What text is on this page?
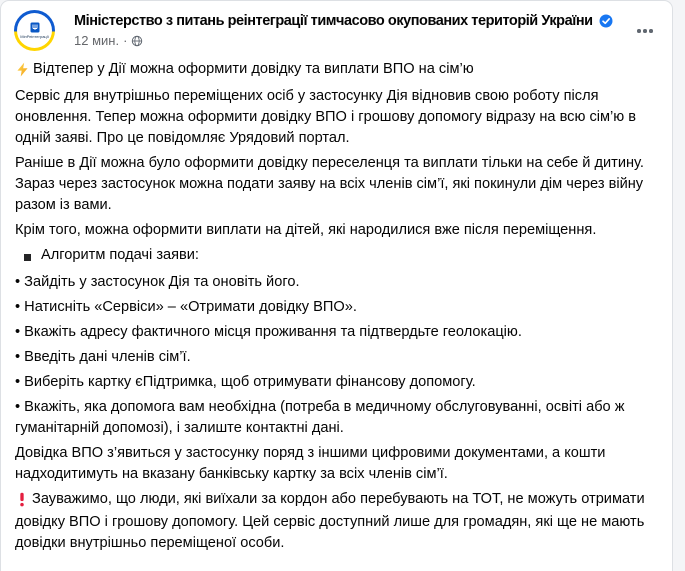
МінРеінтеграції
Міністерство з питань реінтеграції тимчасово окупованих територій України
12 мин. ·
Відтепер у Дії можна оформити довідку та виплати ВПО на сім’ю
Сервіс для внутрішньо переміщених осіб у застосунку Дія відновив свою роботу після оновлення. Тепер можна оформити довідку ВПО і грошову допомогу відразу на всю сім’ю в одній заяві. Про це повідомляє Урядовий портал.
Раніше в Дії можна було оформити довідку переселенця та виплати тільки на себе й дитину. Зараз через застосунок можна подати заяву на всіх членів сім’ї, які покинули дім через війну разом із вами.
Крім того, можна оформити виплати на дітей, які народилися вже після переміщення.
Алгоритм подачі заяви:
• Зайдіть у застосунок Дія та оновіть його.
• Натисніть «Сервіси» – «Отримати довідку ВПО».
• Вкажіть адресу фактичного місця проживання та підтвердьте геолокацію.
• Введіть дані членів сім’ї.
• Виберіть картку єПідтримка, щоб отримувати фінансову допомогу.
• Вкажіть, яка допомога вам необхідна (потреба в медичному обслуговуванні, освіті або ж гуманітарній допомозі), і залиште контактні дані.
Довідка ВПО з’явиться у застосунку поряд з іншими цифровими документами, а кошти надходитимуть на вказану банківську картку за всіх членів сім’ї.
Зауважимо, що люди, які виїхали за кордон або перебувають на ТОТ, не можуть отримати довідку ВПО і грошову допомогу. Цей сервіс доступний лише для громадян, які ще не мають довідки внутрішньо переміщеної особи.
